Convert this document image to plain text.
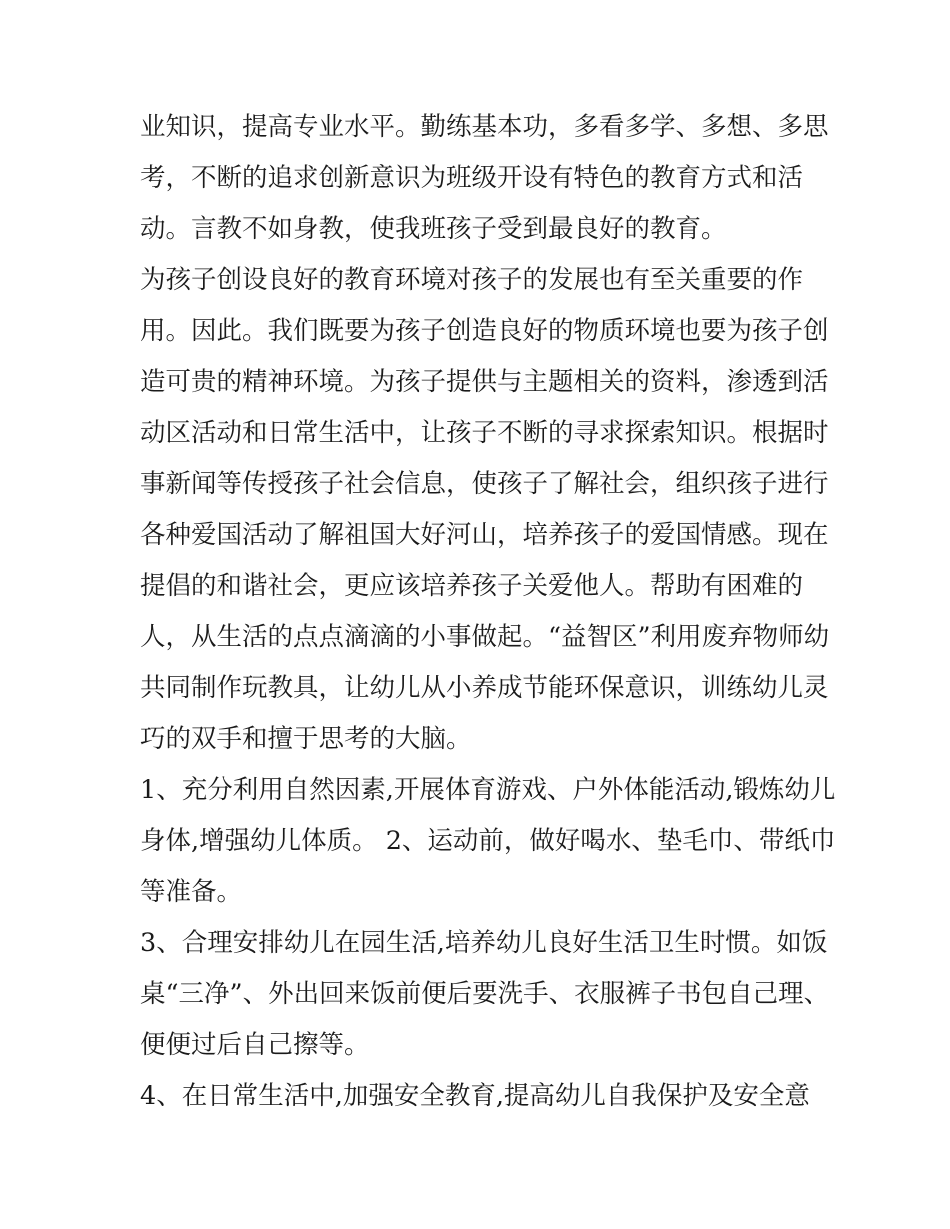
业知识，提高专业水平。勤练基本功，多看多学、多想、多思
考，不断的追求创新意识为班级开设有特色的教育方式和活
动。言教不如身教，使我班孩子受到最良好的教育。
为孩子创设良好的教育环境对孩子的发展也有至关重要的作
用。因此。我们既要为孩子创造良好的物质环境也要为孩子创
造可贵的精神环境。为孩子提供与主题相关的资料，渗透到活
动区活动和日常生活中，让孩子不断的寻求探索知识。根据时
事新闻等传授孩子社会信息，使孩子了解社会，组织孩子进行
各种爱国活动了解祖国大好河山，培养孩子的爱国情感。现在
提倡的和谐社会，更应该培养孩子关爱他人。帮助有困难的
人，从生活的点点滴滴的小事做起。“益智区”利用废弃物师幼
共同制作玩教具，让幼儿从小养成节能环保意识，训练幼儿灵
巧的双手和擅于思考的大脑。
1、充分利用自然因素,开展体育游戏、户外体能活动,锻炼幼儿
身体,增强幼儿体质。 2、运动前，做好喝水、垫毛巾、带纸巾
等准备。
3、合理安排幼儿在园生活,培养幼儿良好生活卫生时惯。如饭
桌“三净”、外出回来饭前便后要洗手、衣服裤子书包自己理、
便便过后自己擦等。
4、在日常生活中,加强安全教育,提高幼儿自我保护及安全意
